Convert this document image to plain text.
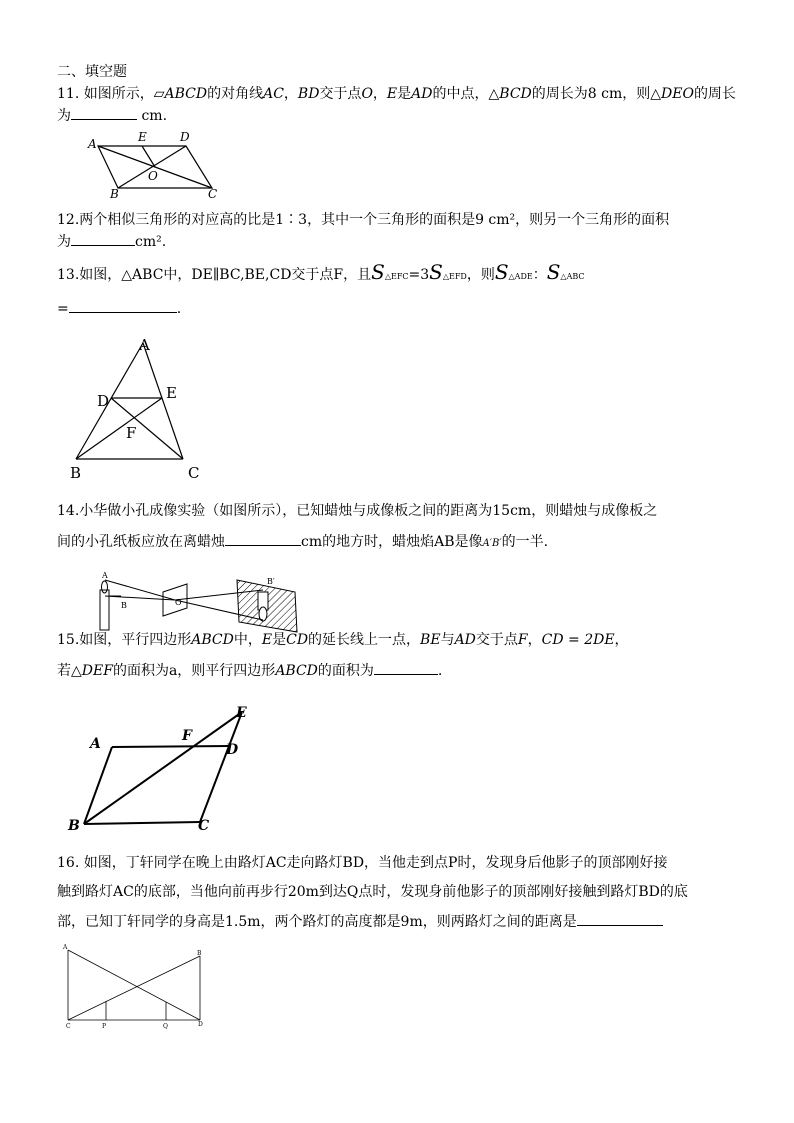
二、填空题
11. 如图所示，▱ABCD的对角线AC，BD交于点O，E是AD的中点，△BCD的周长为8 cm，则△DEO的周长
为	cm.
A	E	D
O
B	C
12.两个相似三角形的对应高的比是1∶3，其中一个三角形的面积是9 cm²，则另一个三角形的面积
为	cm².
13.如图，△ABC中，DE∥BC,BE,CD交于点F，且S△EFC=3S△EFD，则S△ADE：S△ABC
=	.
A
D	E
F
B	C
14.小华做小孔成像实验（如图所示），已知蜡烛与成像板之间的距离为15cm，则蜡烛与成像板之
间的小孔纸板应放在离蜡烛	cm的地方时，蜡烛焰AB是像A′B′的一半.
A
B	O
B′
15.如图，平行四边形ABCD中，E是CD的延长线上一点，BE与AD交于点F，CD = 2DE，
若△DEF的面积为a，则平行四边形ABCD的面积为	.
A	F
D
E
B	C
16. 如图，丁轩同学在晚上由路灯AC走向路灯BD，当他走到点P时，发现身后他影子的顶部刚好接
触到路灯AC的底部，当他向前再步行20m到达Q点时，发现身前他影子的顶部刚好接触到路灯BD的底
部，已知丁轩同学的身高是1.5m，两个路灯的高度都是9m，则两路灯之间的距离是
A
B
C	P	Q	D
